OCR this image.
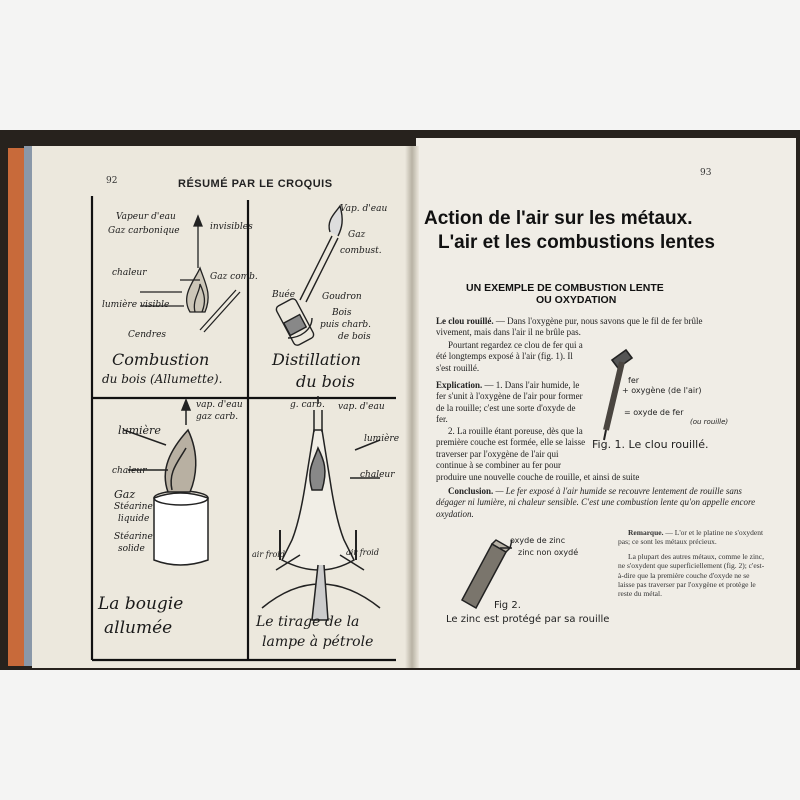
92	RÉSUMÉ PAR LE CROQUIS

Vapeur d'eau

Gaz carbonique	invisibles

chaleur	Gaz comb.

lumière visible

Cendres

Combustion

du bois (Allumette).

Vap. d'eau

Gaz

combust.

Buée	Goudron

Bois

puis charb.

de bois

Distillation

du bois

vap. d'eau

gaz carb.

lumière

chaleur

Gaz

Stéarine

liquide

Stéarine

solide

La bougie

allumée

g. carb. vap. d'eau

lumière

chaleur

air froid	air froid

Le tirage de la

lampe à pétrole

93

Action de l'air sur les métaux.

L'air et les combustions lentes

UN EXEMPLE DE COMBUSTION LENTE

OU OXYDATION

Le clou rouillé. — Dans l'oxygène pur, nous savons que le fil de fer brûle vivement, mais dans l'air il ne brûle pas.
Pourtant regardez ce clou de fer qui a été longtemps exposé à l'air (fig. 1). Il s'est rouillé.
Explication. — 1. Dans l'air humide, le fer s'unit à l'oxygène de l'air pour former de la rouille; c'est une sorte d'oxyde de fer.
2. La rouille étant poreuse, dès que la première couche est formée, elle se laisse traverser par l'oxygène de l'air qui continue à se combiner au fer pour
produire une nouvelle couche de rouille, et ainsi de suite
Conclusion. — Le fer exposé à l'air humide se recouvre lentement de rouille sans dégager ni lumière, ni chaleur sensible. C'est une combustion lente qu'on appelle encore oxydation.
Remarque. — L'or et le platine ne s'oxydent pas; ce sont les métaux précieux.
La plupart des autres métaux, comme le zinc, ne s'oxydent que superficiellement (fig. 2); c'est-à-dire que la première couche d'oxyde ne se laisse pas traverser par l'oxygène et protège le reste du métal.

fer

+ oxygène (de l'air)

= oxyde de fer

(ou rouille)

Fig. 1. Le clou rouillé.

oxyde de zinc

zinc non oxydé

Fig 2.

Le zinc est protégé par sa rouille
